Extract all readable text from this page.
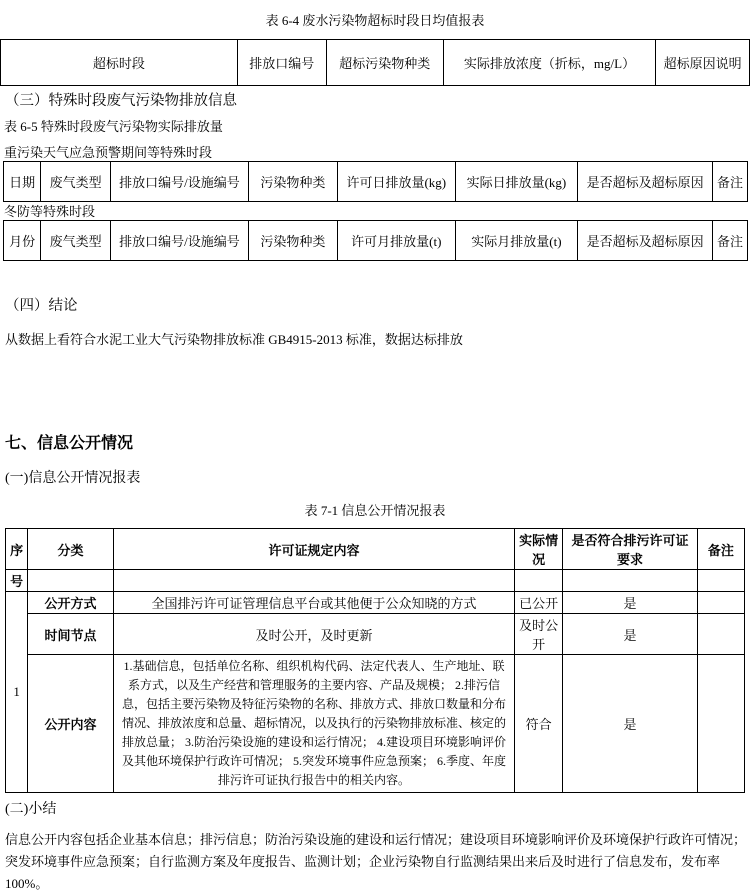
表 6-4 废水污染物超标时段日均值报表
超标时段	排放口编号	超标污染物种类	实际排放浓度（折标，mg/L）	超标原因说明
（三）特殊时段废气污染物排放信息
表 6-5 特殊时段废气污染物实际排放量
重污染天气应急预警期间等特殊时段
日期	废气类型	排放口编号/设施编号	污染物种类	许可日排放量(kg)	实际日排放量(kg)	是否超标及超标原因	备注
冬防等特殊时段
月份	废气类型	排放口编号/设施编号	污染物种类	许可月排放量(t)	实际月排放量(t)	是否超标及超标原因	备注
（四）结论
从数据上看符合水泥工业大气污染物排放标准 GB4915-2013 标准，数据达标排放
七、信息公开情况
(一)信息公开情况报表
表 7-1 信息公开情况报表
序	分类	许可证规定内容	实际情况	是否符合排污许可证要求	备注
号					
1	公开方式	全国排污许可证管理信息平台或其他便于公众知晓的方式	已公开	是	
	时间节点	及时公开，及时更新	及时公开	是	
	公开内容	1.基础信息，包括单位名称、组织机构代码、法定代表人、生产地址、联系方式，以及生产经营和管理服务的主要内容、产品及规模； 2.排污信息，包括主要污染物及特征污染物的名称、排放方式、排放口数量和分布情况、排放浓度和总量、超标情况，以及执行的污染物排放标准、核定的排放总量； 3.防治污染设施的建设和运行情况； 4.建设项目环境影响评价及其他环境保护行政许可情况； 5.突发环境事件应急预案； 6.季度、年度排污许可证执行报告中的相关内容。	符合	是	
(二)小结
信息公开内容包括企业基本信息；排污信息；防治污染设施的建设和运行情况；建设项目环境影响评价及环境保护行政许可情况；突发环境事件应急预案；自行监测方案及年度报告、监测计划；企业污染物自行监测结果出来后及时进行了信息发布，发布率 100%。
